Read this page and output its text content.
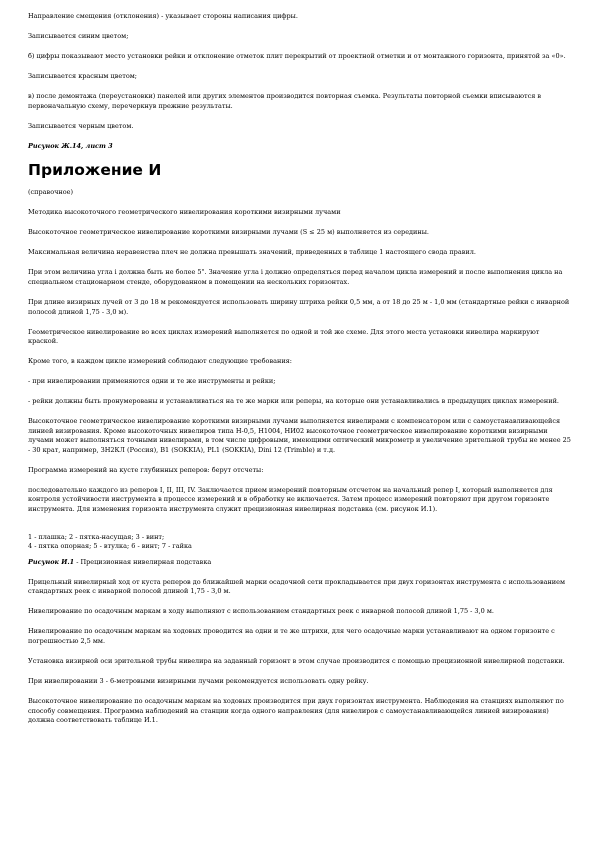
Направление смещения (отклонения) - указывает стороны написания цифры.

Записывается синим цветом;

б) цифры показывают место установки рейки и отклонение отметок плит перекрытий от проектной отметки и от монтажного горизонта, принятой за «0».

Записывается красным цветом;

в) после демонтажа (переустановки) панелей или других элементов производится повторная съемка. Результаты повторной съемки вписываются в первоначальную схему, перечеркнув прежние результаты.

Записывается черным цветом.

Рисунок Ж.14, лист 3

Приложение И

(справочное)

Методика высокоточного геометрического нивелирования короткими визирными лучами

Высокоточное геометрическое нивелирование короткими визирными лучами (S ≤ 25 м) выполняется из середины.

Максимальная величина неравенства плеч не должна превышать значений, приведенных в таблице 1 настоящего свода правил.

При этом величина угла i должна быть не более 5". Значение угла i должно определяться перед началом цикла измерений и после выполнения цикла на специальном стационарном стенде, оборудованном в помещении на нескольких горизонтах.

При длине визирных лучей от 3 до 18 м рекомендуется использовать ширину штриха рейки 0,5 мм, а от 18 до 25 м - 1,0 мм (стандартные рейки с инварной полосой длиной 1,75 - 3,0 м).

Геометрическое нивелирование во всех циклах измерений выполняется по одной и той же схеме. Для этого места установки нивелира маркируют краской.

Кроме того, в каждом цикле измерений соблюдают следующие требования:

- при нивелировании применяются одни и те же инструменты и рейки;

- рейки должны быть пронумерованы и устанавливаться на те же марки или реперы, на которые они устанавливались в предыдущих циклах измерений.

Высокоточное геометрическое нивелирование короткими визирными лучами выполняется нивелирами с компенсатором или с самоустанавливающейся линией визирования. Кроме высокоточных нивелиров типа Н-0,5, Н1004, НИ02 высокоточное геометрическое нивелирование короткими визирными лучами может выполняться точными нивелирами, в том числе цифровыми, имеющими оптический микрометр и увеличение зрительной трубы не менее 25 - 30 крат, например, ЗН2КЛ (Россия), В1 (SOKKIA), РL1 (SOKKIA), Dini 12 (Trimble) и т.д.

Программа измерений на кусте глубинных реперов: берут отсчеты:

последовательно каждого из реперов I, II, III, IV. Заключается прием измерений повторным отсчетом на начальный репер I, который выполняется для контроля устойчивости инструмента в процессе измерений и в обработку не включается. Затем процесс измерений повторяют при другом горизонте инструмента. Для изменения горизонта инструмента служит прецизионная нивелирная подставка (см. рисунок И.1).

1 - плашка; 2 - пятка-насущая; 3 - винт;
4 - пятка опорная; 5 - втулка; 6 - винт; 7 - гайка

Рисунок И.1 - Прецизионная нивелирная подставка

Прицельный нивелирный ход от куста реперов до ближайшей марки осадочной сети прокладывается при двух горизонтах инструмента с использованием стандартных реек с инварной полосой длиной 1,75 - 3,0 м.

Нивелирование по осадочным маркам в ходу выполняют с использованием стандартных реек с инварной полосой длиной 1,75 - 3,0 м.

Нивелирование по осадочным маркам на ходовых проводится на одни и те же штрихи, для чего осадочные марки устанавливают на одном горизонте с погрешностью 2,5 мм.

Установка визирной оси зрительной трубы нивелира на заданный горизонт в этом случае производится с помощью прецизионной нивелирной подставки.

При нивелировании 3 - 6-метровыми визирными лучами рекомендуется использовать одну рейку.

Высокоточное нивелирование по осадочным маркам на ходовых производится при двух горизонтах инструмента. Наблюдения на станциях выполняют по способу совмещения. Программа наблюдений на станции когда одного направления (для нивелиров с самоустанавливающейся линией визирования) должна соответствовать таблице И.1.
